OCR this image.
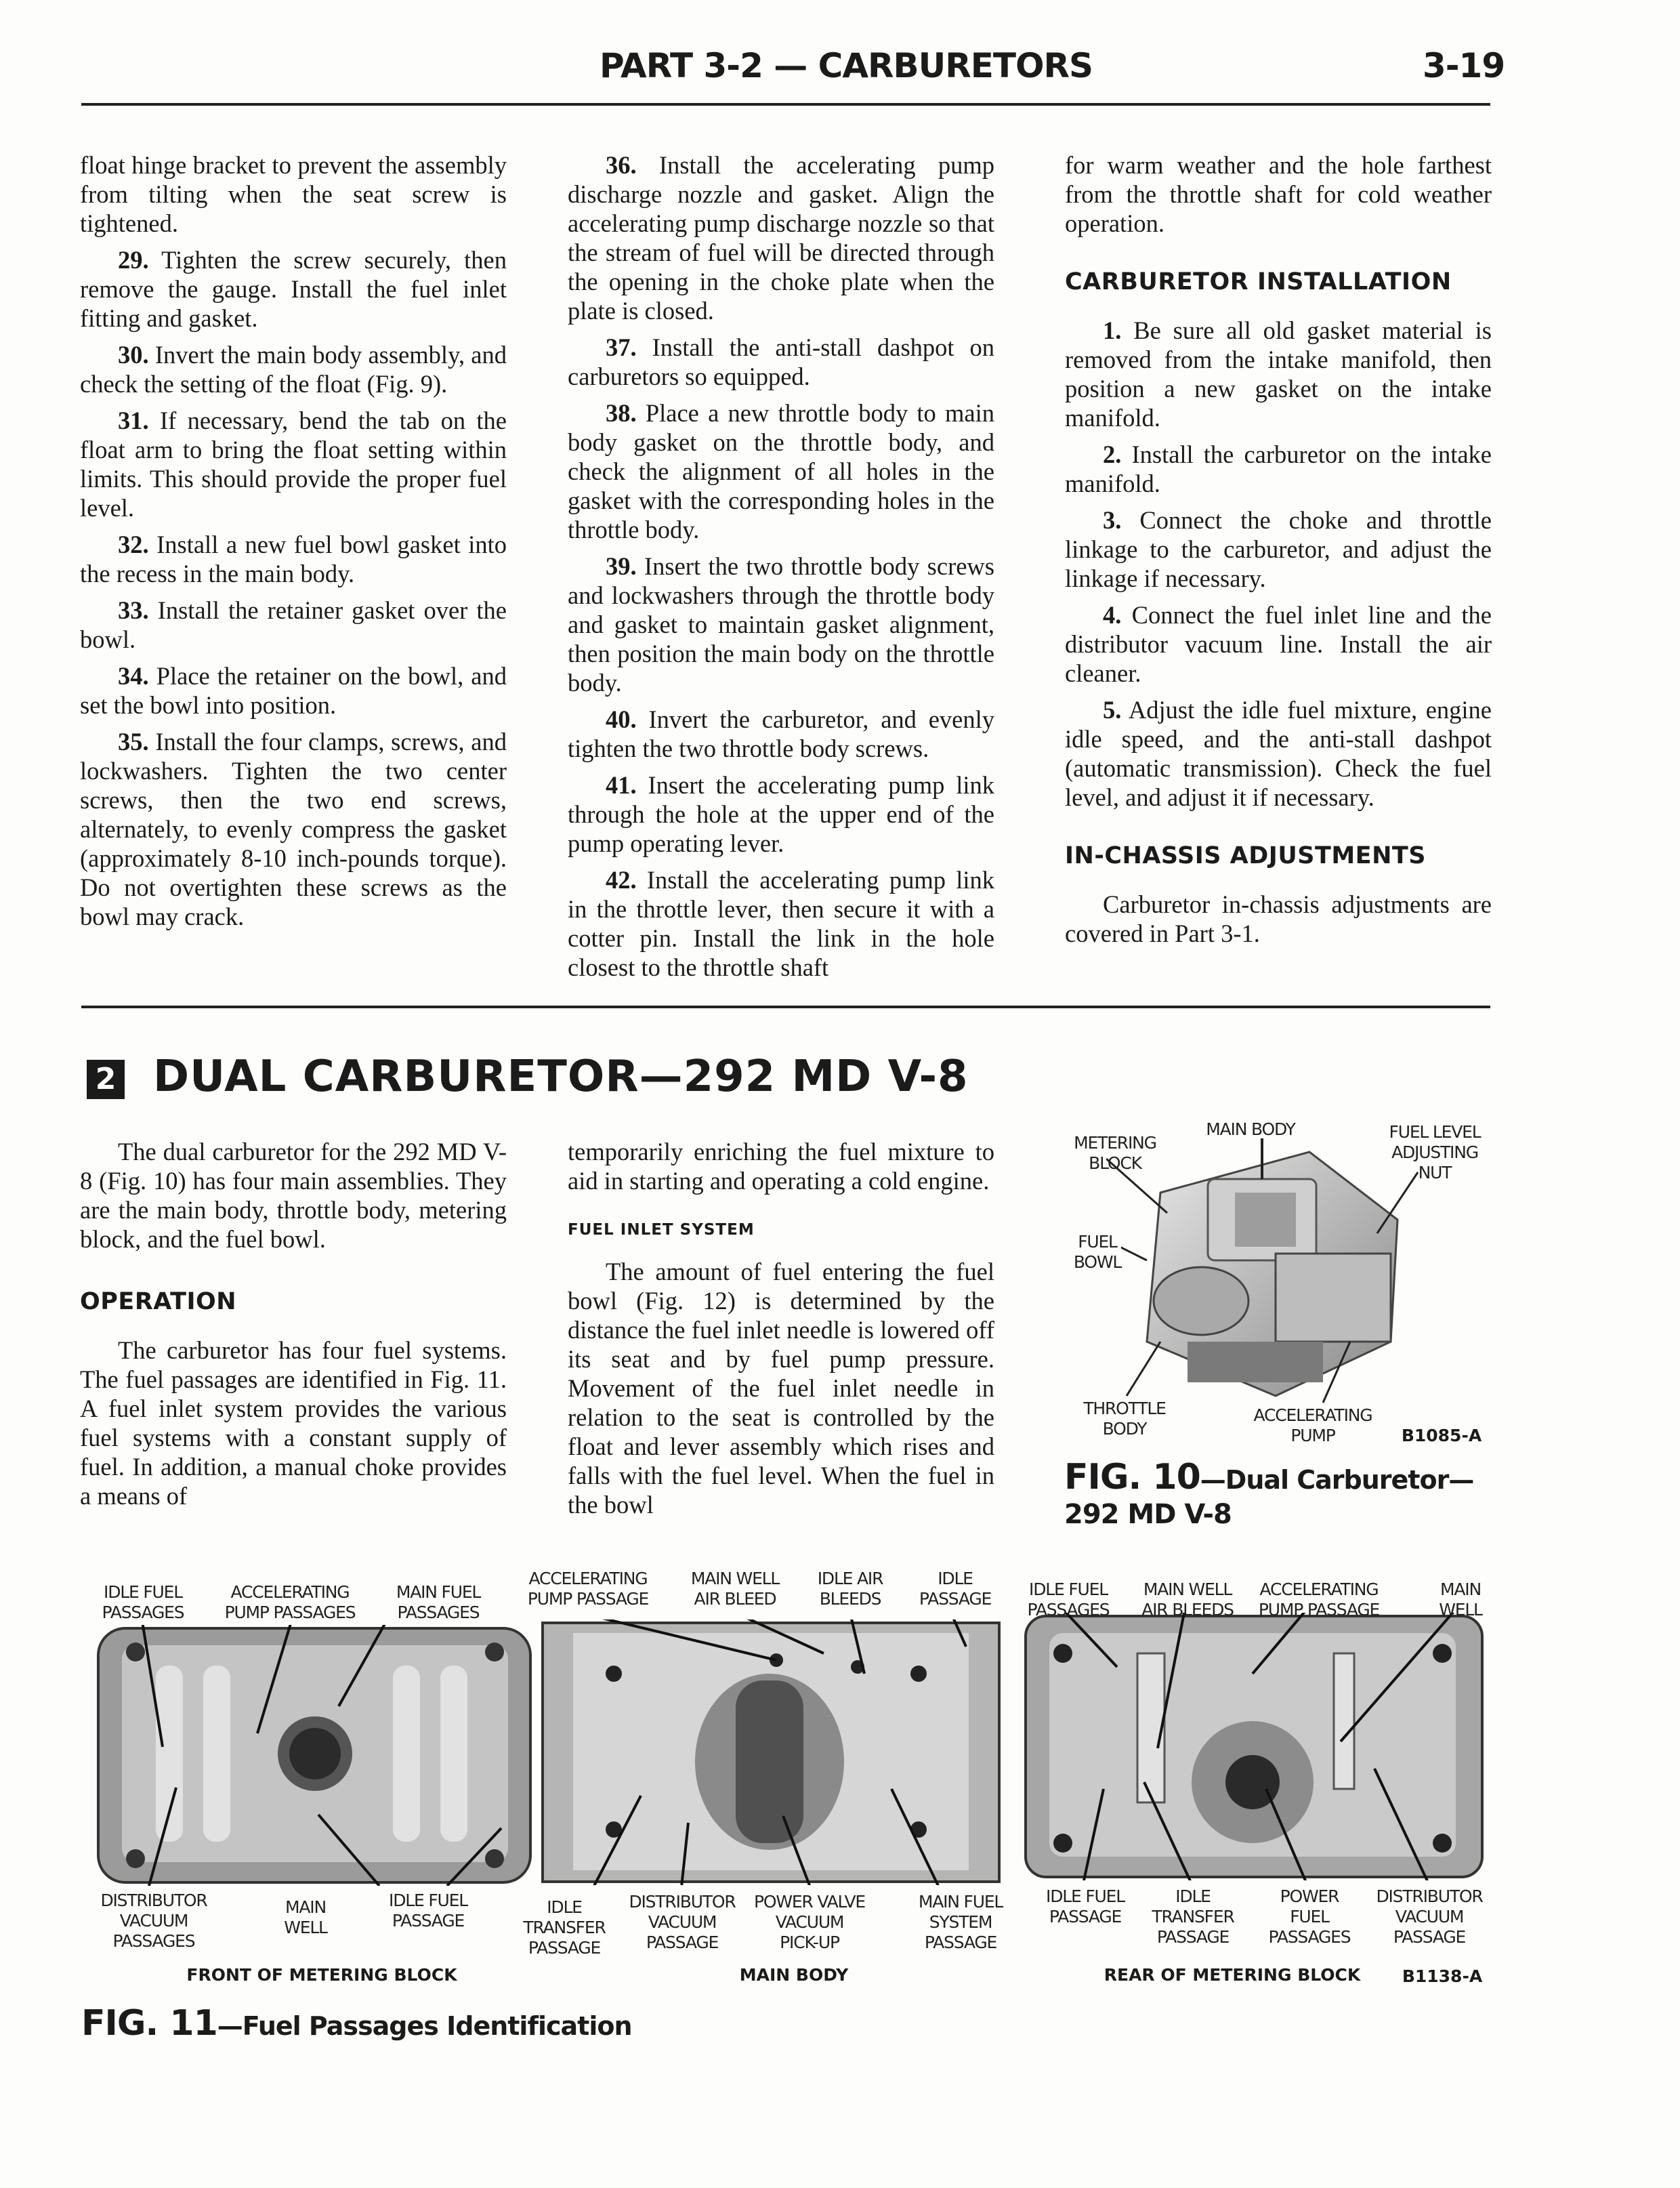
PART 3-2 — CARBURETORS	3-19

float hinge bracket to prevent the assembly from tilting when the seat screw is tightened.

29. Tighten the screw securely, then remove the gauge. Install the fuel inlet fitting and gasket.

30. Invert the main body assembly, and check the setting of the float (Fig. 9).

31. If necessary, bend the tab on the float arm to bring the float setting within limits. This should provide the proper fuel level.

32. Install a new fuel bowl gasket into the recess in the main body.

33. Install the retainer gasket over the bowl.

34. Place the retainer on the bowl, and set the bowl into position.

35. Install the four clamps, screws, and lockwashers. Tighten the two center screws, then the two end screws, alternately, to evenly compress the gasket (approximately 8-10 inch-pounds torque). Do not overtighten these screws as the bowl may crack.

36. Install the accelerating pump discharge nozzle and gasket. Align the accelerating pump discharge nozzle so that the stream of fuel will be directed through the opening in the choke plate when the plate is closed.

37. Install the anti-stall dashpot on carburetors so equipped.

38. Place a new throttle body to main body gasket on the throttle body, and check the alignment of all holes in the gasket with the corresponding holes in the throttle body.

39. Insert the two throttle body screws and lockwashers through the throttle body and gasket to maintain gasket alignment, then position the main body on the throttle body.

40. Invert the carburetor, and evenly tighten the two throttle body screws.

41. Insert the accelerating pump link through the hole at the upper end of the pump operating lever.

42. Install the accelerating pump link in the throttle lever, then secure it with a cotter pin. Install the link in the hole closest to the throttle shaft

for warm weather and the hole farthest from the throttle shaft for cold weather operation.

CARBURETOR INSTALLATION

1. Be sure all old gasket material is removed from the intake manifold, then position a new gasket on the intake manifold.

2. Install the carburetor on the intake manifold.

3. Connect the choke and throttle linkage to the carburetor, and adjust the linkage if necessary.

4. Connect the fuel inlet line and the distributor vacuum line. Install the air cleaner.

5. Adjust the idle fuel mixture, engine idle speed, and the anti-stall dashpot (automatic transmission). Check the fuel level, and adjust it if necessary.

IN-CHASSIS ADJUSTMENTS

Carburetor in-chassis adjustments are covered in Part 3-1.

2 DUAL CARBURETOR—292 MD V-8

The dual carburetor for the 292 MD V-8 (Fig. 10) has four main assemblies. They are the main body, throttle body, metering block, and the fuel bowl.

OPERATION

The carburetor has four fuel systems. The fuel passages are identified in Fig. 11. A fuel inlet system provides the various fuel systems with a constant supply of fuel. In addition, a manual choke provides a means of

temporarily enriching the fuel mixture to aid in starting and operating a cold engine.

FUEL INLET SYSTEM

The amount of fuel entering the fuel bowl (Fig. 12) is determined by the distance the fuel inlet needle is lowered off its seat and by fuel pump pressure. Movement of the fuel inlet needle in relation to the seat is controlled by the float and lever assembly which rises and falls with the fuel level. When the fuel in the bowl

METERING
BLOCK
MAIN BODY	FUEL LEVEL
ADJUSTING
NUT
FUEL
BOWL
THROTTLE
BODY
ACCELERATING
PUMP	B1085-A
FIG. 10—Dual Carburetor—
292 MD V-8
IDLE FUEL
PASSAGES
ACCELERATING
PUMP PASSAGES
MAIN FUEL
PASSAGES
ACCELERATING
PUMP PASSAGE
MAIN WELL
AIR BLEED
IDLE AIR
BLEEDS
IDLE
PASSAGE IDLE FUEL
PASSAGES
MAIN WELL
AIR BLEEDS
ACCELERATING
PUMP PASSAGE
MAIN
WELL
DISTRIBUTOR
VACUUM
PASSAGES
MAIN
WELL
IDLE FUEL
PASSAGE
IDLE
TRANSFER
PASSAGE
DISTRIBUTOR
VACUUM
PASSAGE
POWER VALVE
VACUUM
PICK-UP
MAIN FUEL
SYSTEM
PASSAGE
IDLE FUEL
PASSAGE
IDLE
TRANSFER
PASSAGE
POWER
FUEL
PASSAGES
DISTRIBUTOR
VACUUM
PASSAGE
FRONT OF METERING BLOCK	MAIN BODY	REAR OF METERING BLOCK B1138-A
FIG. 11—Fuel Passages Identification
